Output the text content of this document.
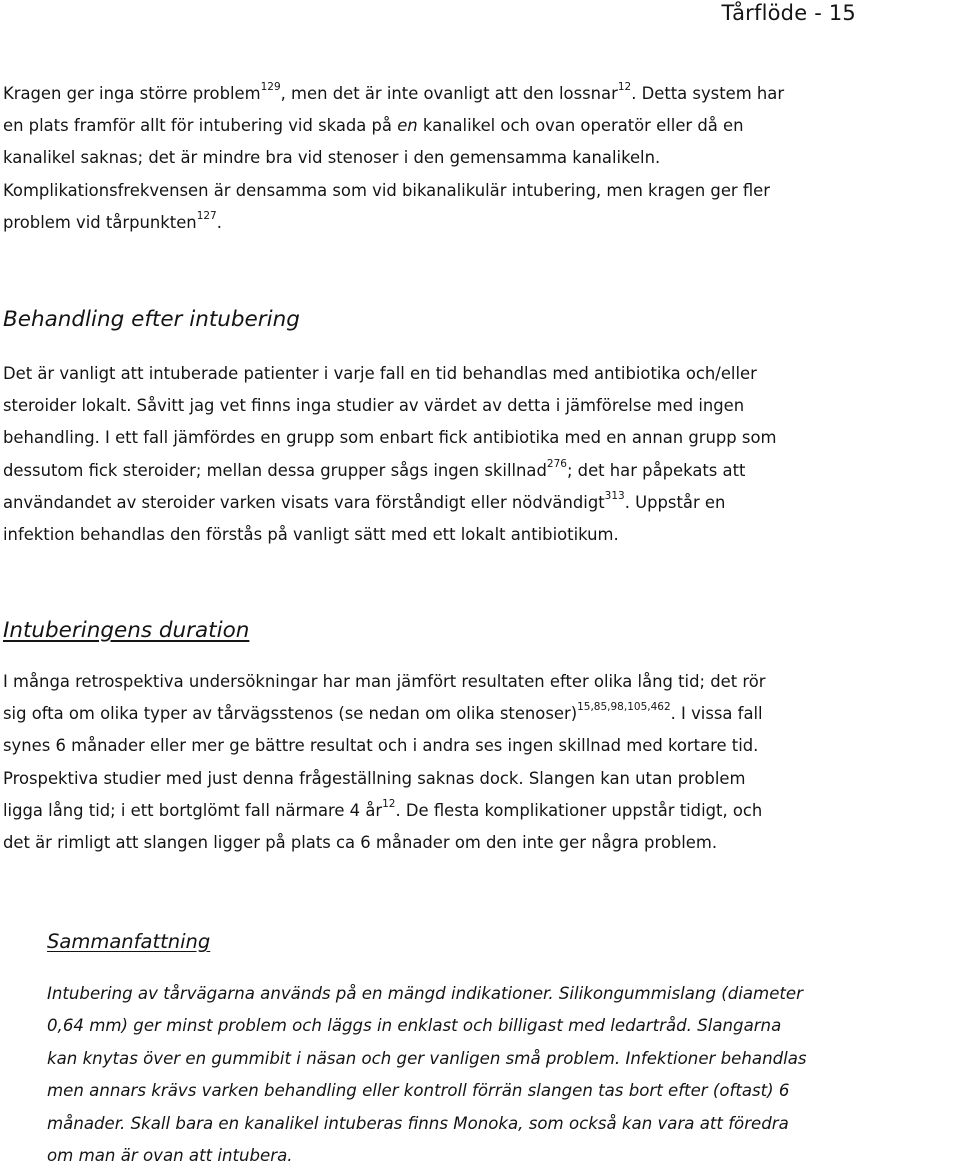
Tårflöde - 15

Kragen ger inga större problem$^{129}$, men det är inte ovanligt att den lossnar$^{12}$. Detta system har
en plats framför allt för intubering vid skada på en kanalikel och ovan operatör eller då en
kanalikel saknas; det är mindre bra vid stenoser i den gemensamma kanalikeln.
Komplikationsfrekvensen är densamma som vid bikanalikulär intubering, men kragen ger fler
problem vid tårpunkten$^{127}$.

Behandling efter intubering

Det är vanligt att intuberade patienter i varje fall en tid behandlas med antibiotika och/eller
steroider lokalt. Såvitt jag vet finns inga studier av värdet av detta i jämförelse med ingen
behandling. I ett fall jämfördes en grupp som enbart fick antibiotika med en annan grupp som
dessutom fick steroider; mellan dessa grupper sågs ingen skillnad$^{276}$; det har påpekats att
användandet av steroider varken visats vara förståndigt eller nödvändigt$^{313}$. Uppstår en
infektion behandlas den förstås på vanligt sätt med ett lokalt antibiotikum.

Intuberingens duration

I många retrospektiva undersökningar har man jämfört resultaten efter olika lång tid; det rör
sig ofta om olika typer av tårvägsstenos (se nedan om olika stenoser)$^{15,85,98,105,462}$. I vissa fall
synes 6 månader eller mer ge bättre resultat och i andra ses ingen skillnad med kortare tid.
Prospektiva studier med just denna frågeställning saknas dock. Slangen kan utan problem
ligga lång tid; i ett bortglömt fall närmare 4 $år^{12}$. De flesta komplikationer uppstår tidigt, och
det är rimligt att slangen ligger på plats ca 6 månader om den inte ger några problem.

Sammanfattning

Intubering av tårvägarna används på en mängd indikationer. Silikongummislang (diameter
0,64 mm) ger minst problem och läggs in enklast och billigast med ledartråd. Slangarna
kan knytas över en gummibit i näsan och ger vanligen små problem. Infektioner behandlas
men annars krävs varken behandling eller kontroll förrän slangen tas bort efter (oftast) 6
månader. Skall bara en kanalikel intuberas finns Monoka, som också kan vara att föredra
om man är ovan att intubera.
